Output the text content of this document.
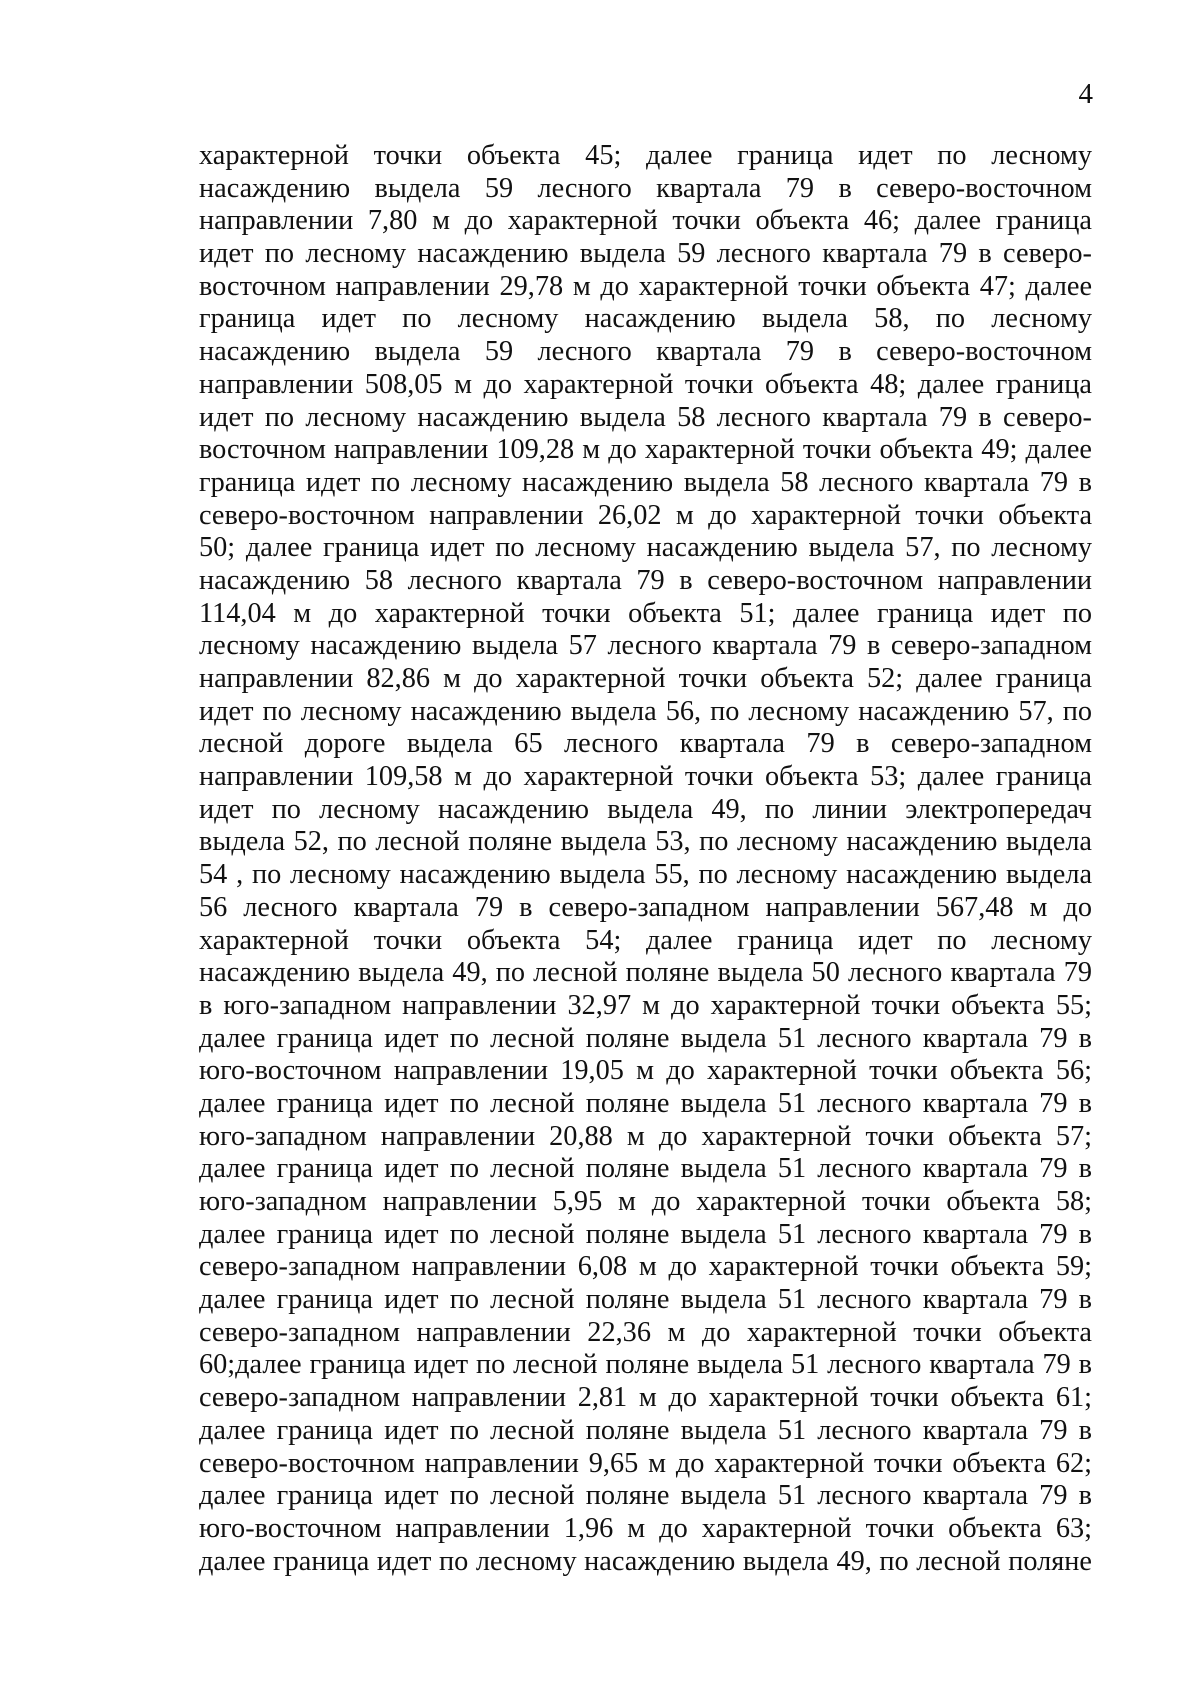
4
характерной точки объекта 45; далее граница идет по лесному
насаждению выдела 59 лесного квартала 79 в северо-восточном
направлении 7,80 м до характерной точки объекта 46; далее граница
идет по лесному насаждению выдела 59 лесного квартала 79 в северо-
восточном направлении 29,78 м до характерной точки объекта 47; далее
граница идет по лесному насаждению выдела 58, по лесному
насаждению выдела 59 лесного квартала 79 в северо-восточном
направлении 508,05 м до характерной точки объекта 48; далее граница
идет по лесному насаждению выдела 58 лесного квартала 79 в северо-
восточном направлении 109,28 м до характерной точки объекта 49; далее
граница идет по лесному насаждению выдела 58 лесного квартала 79 в
северо-восточном направлении 26,02 м до характерной точки объекта
50; далее граница идет по лесному насаждению выдела 57, по лесному
насаждению 58 лесного квартала 79 в северо-восточном направлении
114,04 м до характерной точки объекта 51; далее граница идет по
лесному насаждению выдела 57 лесного квартала 79 в северо-западном
направлении 82,86 м до характерной точки объекта 52; далее граница
идет по лесному насаждению выдела 56, по лесному насаждению 57, по
лесной дороге выдела 65 лесного квартала 79 в северо-западном
направлении 109,58 м до характерной точки объекта 53; далее граница
идет по лесному насаждению выдела 49, по линии электропередач
выдела 52, по лесной поляне выдела 53, по лесному насаждению выдела
54 , по лесному насаждению выдела 55, по лесному насаждению выдела
56 лесного квартала 79 в северо-западном направлении 567,48 м до
характерной точки объекта 54; далее граница идет по лесному
насаждению выдела 49, по лесной поляне выдела 50 лесного квартала 79
в юго-западном направлении 32,97 м до характерной точки объекта 55;
далее граница идет по лесной поляне выдела 51 лесного квартала 79 в
юго-восточном направлении 19,05 м до характерной точки объекта 56;
далее граница идет по лесной поляне выдела 51 лесного квартала 79 в
юго-западном направлении 20,88 м до характерной точки объекта 57;
далее граница идет по лесной поляне выдела 51 лесного квартала 79 в
юго-западном направлении 5,95 м до характерной точки объекта 58;
далее граница идет по лесной поляне выдела 51 лесного квартала 79 в
северо-западном направлении 6,08 м до характерной точки объекта 59;
далее граница идет по лесной поляне выдела 51 лесного квартала 79 в
северо-западном направлении 22,36 м до характерной точки объекта
60;далее граница идет по лесной поляне выдела 51 лесного квартала 79 в
северо-западном направлении 2,81 м до характерной точки объекта 61;
далее граница идет по лесной поляне выдела 51 лесного квартала 79 в
северо-восточном направлении 9,65 м до характерной точки объекта 62;
далее граница идет по лесной поляне выдела 51 лесного квартала 79 в
юго-восточном направлении 1,96 м до характерной точки объекта 63;
далее граница идет по лесному насаждению выдела 49, по лесной поляне
